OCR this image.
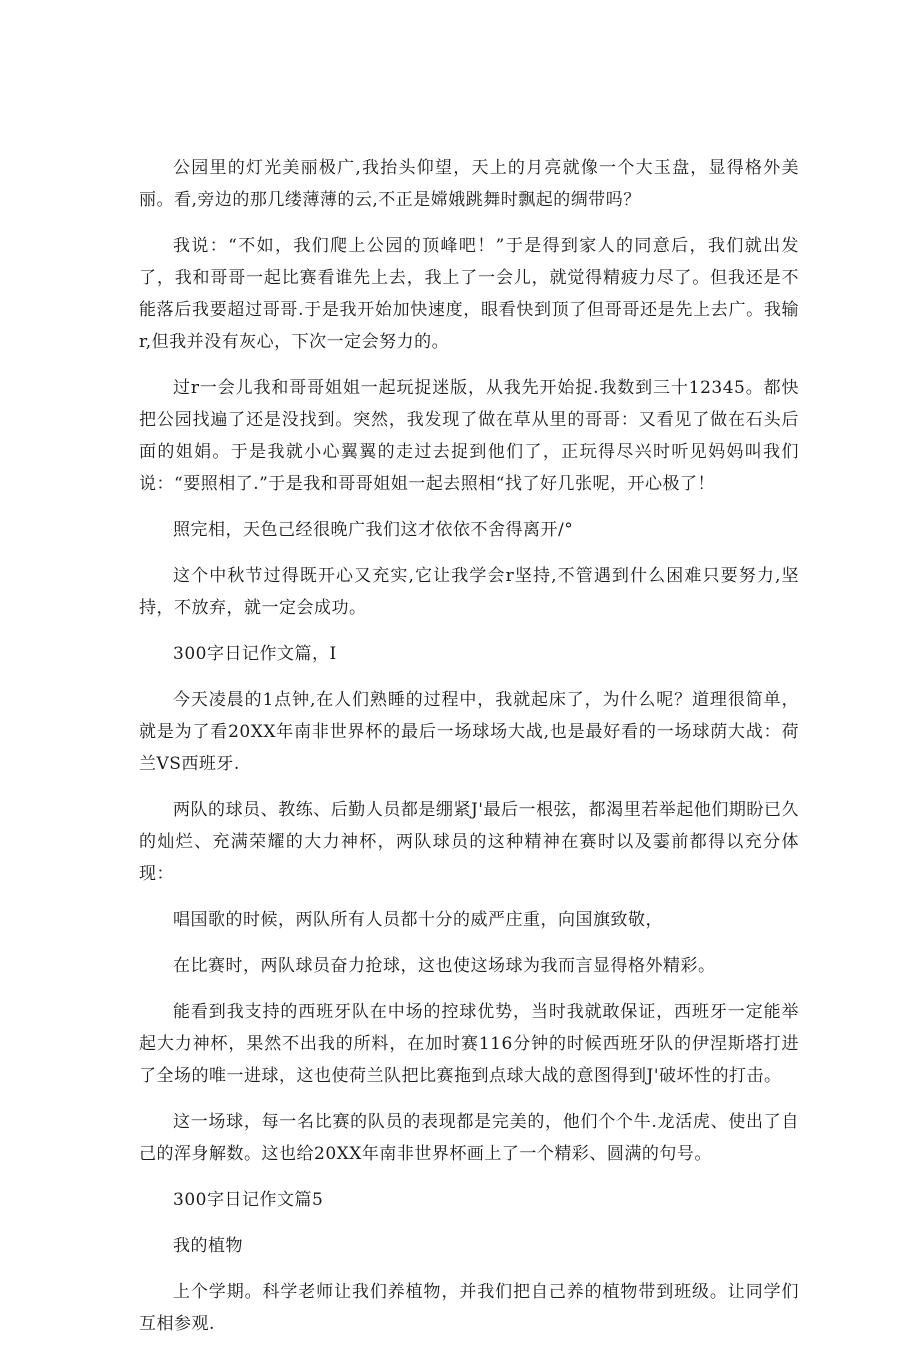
公园里的灯光美丽极广,我抬头仰望，天上的月亮就像一个大玉盘，显得格外美丽。看,旁边的那几缕薄薄的云,不正是嫦娥跳舞时飘起的绸带吗？

我说：“不如，我们爬上公园的顶峰吧！”于是得到家人的同意后，我们就出发了，我和哥哥一起比赛看谁先上去，我上了一会儿，就觉得精疲力尽了。但我还是不能落后我要超过哥哥.于是我开始加快速度，眼看快到顶了但哥哥还是先上去广。我输r,但我并没有灰心，下次一定会努力的。

过r一会儿我和哥哥姐姐一起玩捉迷版，从我先开始捉.我数到三十12345。都快把公园找遍了还是没找到。突然，我发现了做在草从里的哥哥：又看见了做在石头后面的姐娟。于是我就小心翼翼的走过去捉到他们了，正玩得尽兴时听见妈妈叫我们说：“要照相了.”于是我和哥哥姐姐一起去照相“找了好几张呢，开心极了！

照完相，天色己经很晚广我们这才依依不舍得离开/°

这个中秋节过得既开心又充实,它让我学会r坚持,不管遇到什么困难只要努力,坚持，不放弃，就一定会成功。

300字日记作文篇，I

今天凌晨的1点钟,在人们熟睡的过程中，我就起床了，为什么呢？道理很简单，就是为了看20XX年南非世界杯的最后一场球场大战,也是最好看的一场球荫大战：荷兰VS西班牙.

两队的球员、教练、后勤人员都是绷紧J'最后一根弦，都渴里若举起他们期盼已久的灿烂、充满荣耀的大力神杯，两队球员的这种精神在赛时以及霎前都得以充分体现：

唱国歌的时候，两队所有人员都十分的威严庄重，向国旗致敬，

在比赛时，两队球员奋力抢球，这也使这场球为我而言显得格外精彩。

能看到我支持的西班牙队在中场的控球优势，当时我就敢保证，西班牙一定能举起大力神杯，果然不出我的所料，在加时赛116分钟的时候西班牙队的伊涅斯塔打进了全场的唯一进球，这也使荷兰队把比赛拖到点球大战的意图得到J'破坏性的打击。

这一场球，每一名比赛的队员的表现都是完美的，他们个个牛.龙活虎、使出了自己的浑身解数。这也给20XX年南非世界杯画上了一个精彩、圆满的句号。

300字日记作文篇5

我的植物

上个学期。科学老师让我们养植物，并我们把自己养的植物带到班级。让同学们互相参观.
